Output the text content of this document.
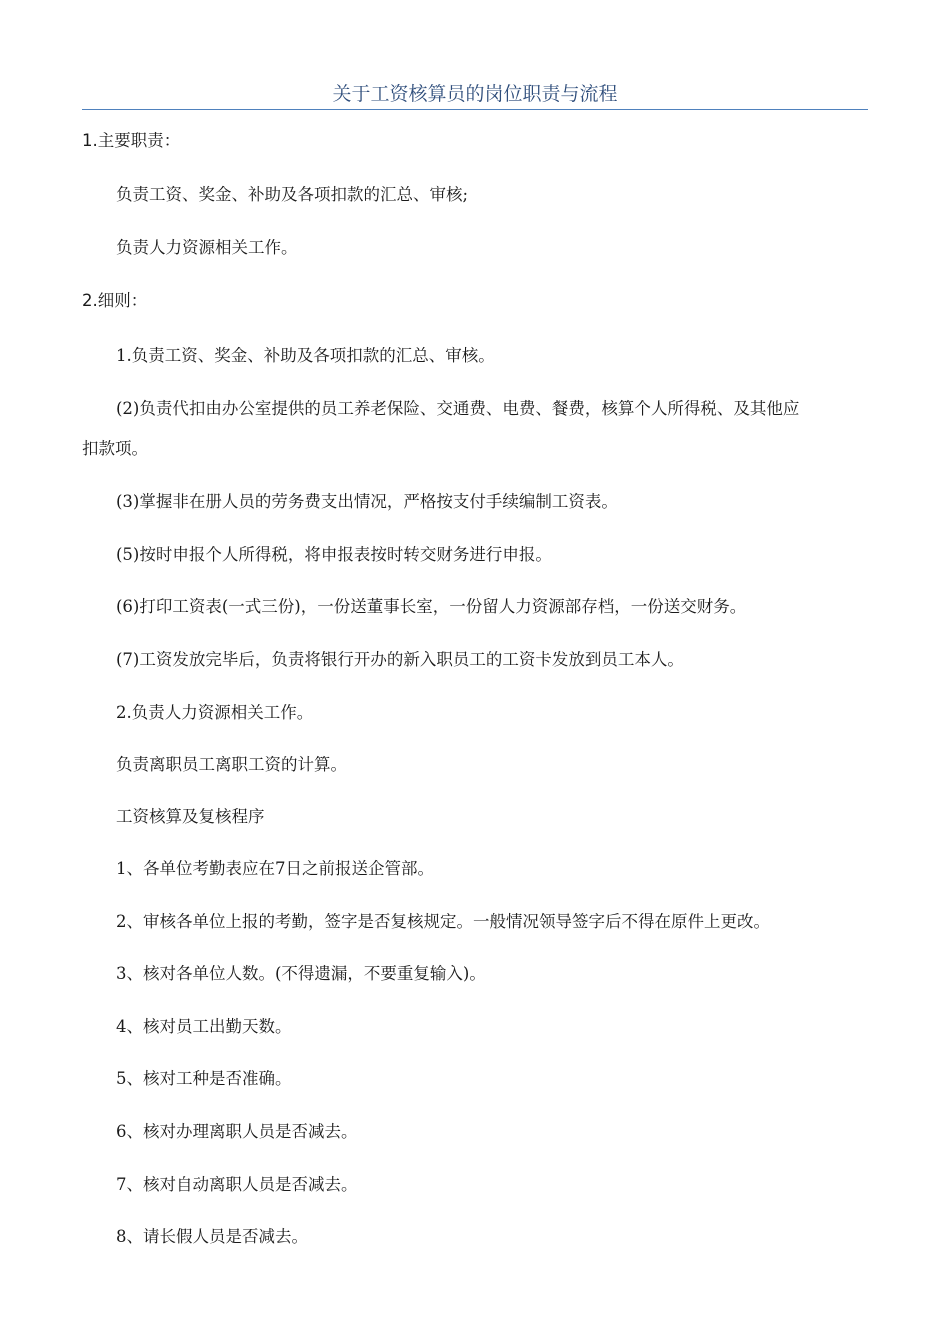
关于工资核算员的岗位职责与流程
1.主要职责：
负责工资、奖金、补助及各项扣款的汇总、审核;
负责人力资源相关工作。
2.细则：
1.负责工资、奖金、补助及各项扣款的汇总、审核。
(2)负责代扣由办公室提供的员工养老保险、交通费、电费、餐费，核算个人所得税、及其他应
扣款项。
(3)掌握非在册人员的劳务费支出情况，严格按支付手续编制工资表。
(5)按时申报个人所得税，将申报表按时转交财务进行申报。
(6)打印工资表(一式三份)，一份送董事长室，一份留人力资源部存档，一份送交财务。
(7)工资发放完毕后，负责将银行开办的新入职员工的工资卡发放到员工本人。
2.负责人力资源相关工作。
负责离职员工离职工资的计算。
工资核算及复核程序
1、各单位考勤表应在7日之前报送企管部。
2、审核各单位上报的考勤，签字是否复核规定。一般情况领导签字后不得在原件上更改。
3、核对各单位人数。(不得遗漏，不要重复输入)。
4、核对员工出勤天数。
5、核对工种是否准确。
6、核对办理离职人员是否减去。
7、核对自动离职人员是否减去。
8、请长假人员是否减去。
